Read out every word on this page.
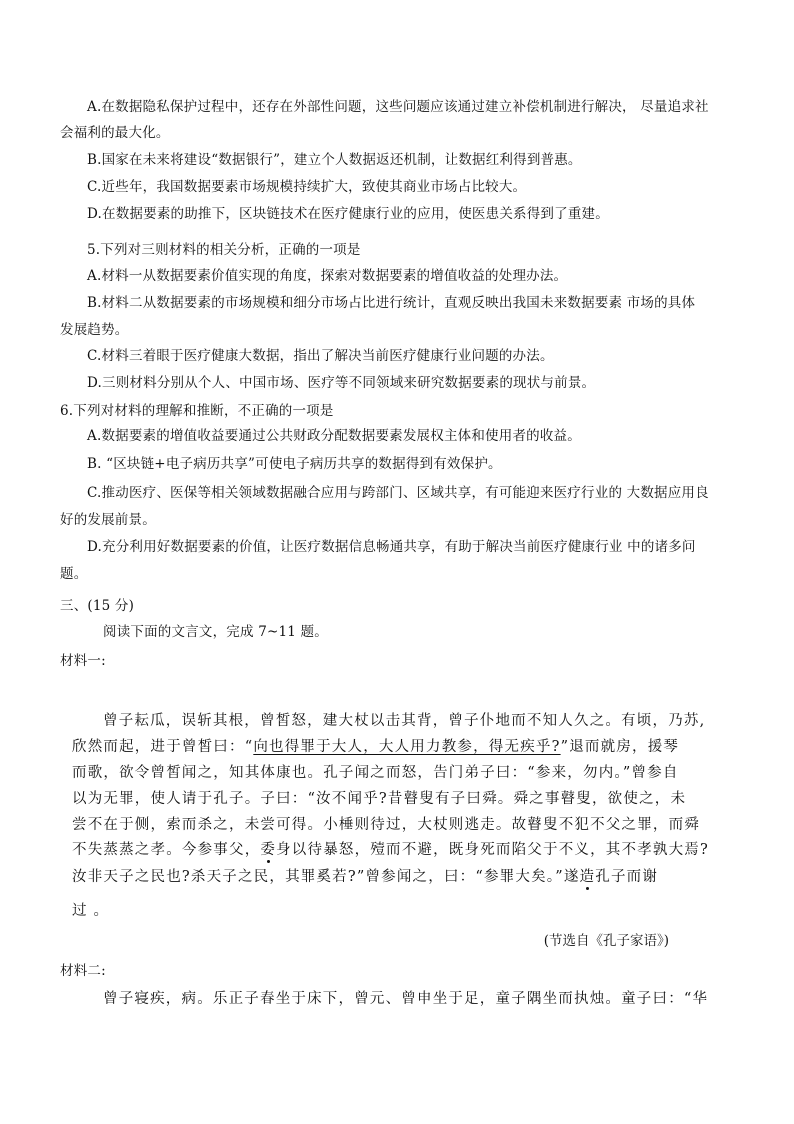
A.在数据隐私保护过程中，还存在外部性问题，这些问题应该通过建立补偿机制进行解决， 尽量追求社
会福利的最大化。
B.国家在未来将建设“数据银行”，建立个人数据返还机制，让数据红利得到普惠。
C.近些年，我国数据要素市场规模持续扩大，致使其商业市场占比较大。
D.在数据要素的助推下，区块链技术在医疗健康行业的应用，使医患关系得到了重建。
5.下列对三则材料的相关分析，正确的一项是
A.材料一从数据要素价值实现的角度，探索对数据要素的增值收益的处理办法。
B.材料二从数据要素的市场规模和细分市场占比进行统计，直观反映出我国未来数据要素 市场的具体
发展趋势。
C.材料三着眼于医疗健康大数据，指出了解决当前医疗健康行业问题的办法。
D.三则材料分别从个人、中国市场、医疗等不同领域来研究数据要素的现状与前景。
6.下列对材料的理解和推断，不正确的一项是
A.数据要素的增值收益要通过公共财政分配数据要素发展权主体和使用者的收益。
B. “区块链+电子病历共享”可使电子病历共享的数据得到有效保护。
C.推动医疗、医保等相关领域数据融合应用与跨部门、区域共享，有可能迎来医疗行业的 大数据应用良
好的发展前景。
D.充分利用好数据要素的价值，让医疗数据信息畅通共享，有助于解决当前医疗健康行业 中的诸多问
题。
三、(15 分)
阅读下面的文言文，完成 7~11 题。
材料一:
曾子耘瓜，误斩其根，曾皙怒，建大杖以击其背，曾子仆地而不知人久之。有顷，乃苏,
欣然而起，进于曾皙曰：“向也得罪于大人，大人用力教参，得无疾乎?”退而就房，援琴
而歌，欲令曾皙闻之，知其体康也。孔子闻之而怒，告门弟子曰：“参来，勿内。”曾参自
以为无罪，使人请于孔子。子曰：“汝不闻乎?昔瞽叟有子曰舜。舜之事瞽叟，欲使之，未
尝不在于侧，索而杀之，未尝可得。小棰则待过，大杖则逃走。故瞽叟不犯不父之罪，而舜
不失蒸蒸之孝。今参事父，委身以待暴怒，殪而不避，既身死而陷父于不义，其不孝孰大焉?
汝非天子之民也?杀天子之民，其罪奚若?”曾参闻之，曰：“参罪大矣。”遂造孔子而谢
过 。
(节选自《孔子家语》)
材料二:
曾子寝疾，病。乐正子春坐于床下，曾元、曾申坐于足，童子隅坐而执烛。童子曰：“华
